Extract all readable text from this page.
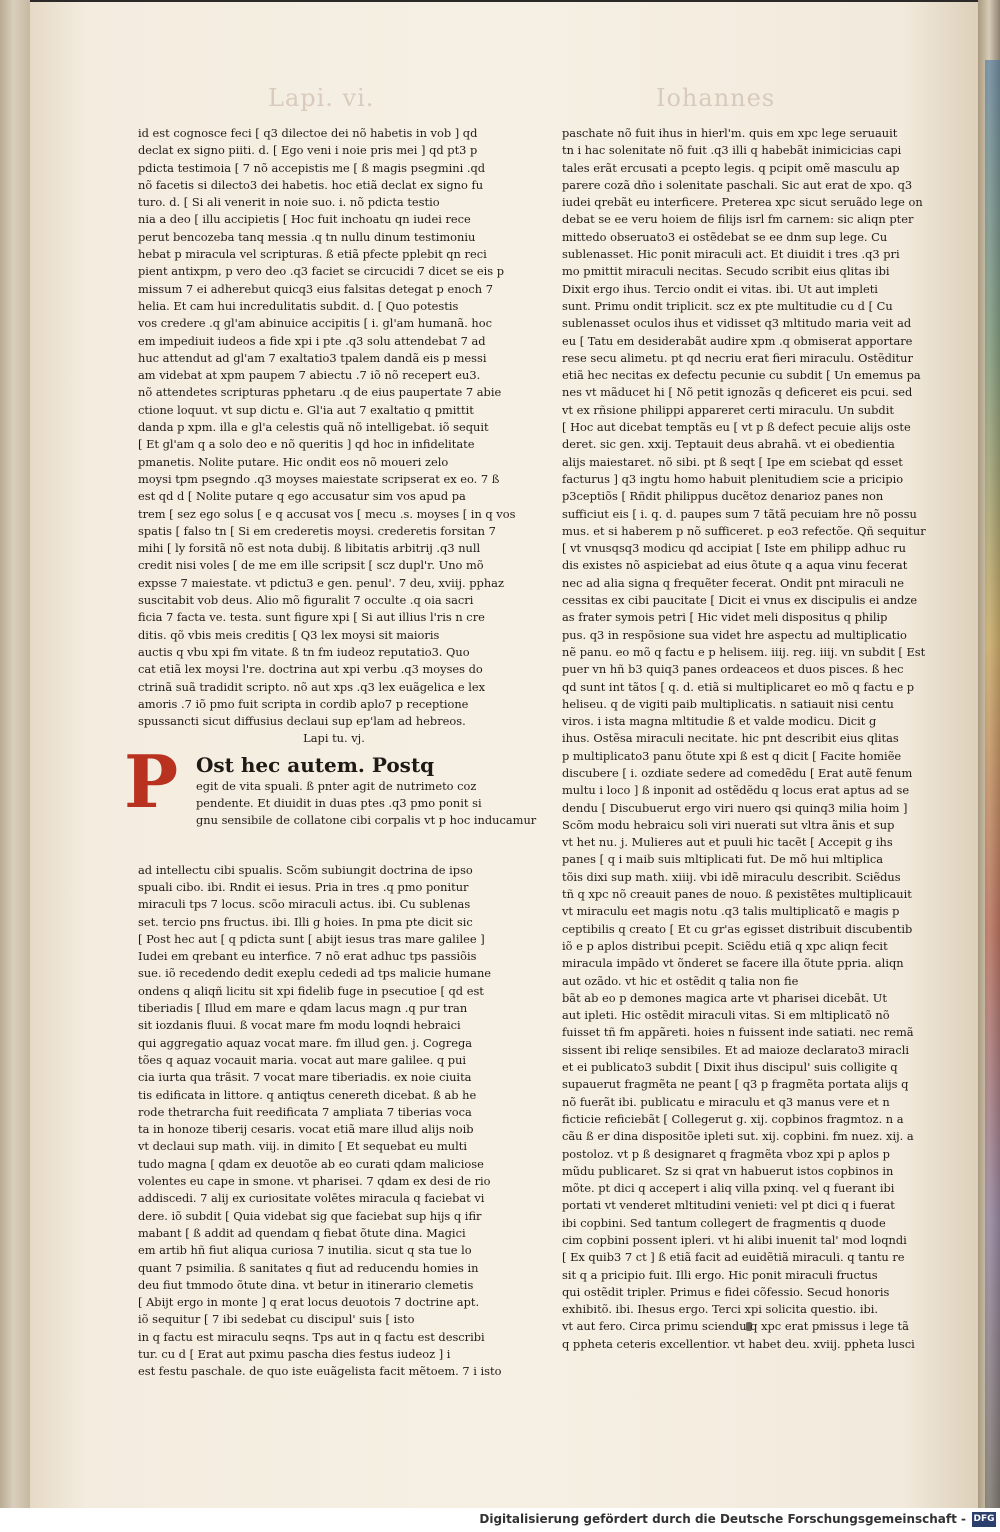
Lapi. vi.	Iohannes
id est cognosce feci [ q3 dilectoe dei nõ habetis in vob ] qd
declat ex signo piiti. d. [ Ego veni i noie pris mei ] qd pt3 p
pdicta testimoia [ 7 nõ accepistis me [ ß magis psegmini .qd
nõ facetis si dilecto3 dei habetis. hoc etiã declat ex signo fu
turo. d. [ Si ali venerit in noie suo. i. nõ pdicta testio
nia a deo [ illu accipietis [ Hoc fuit inchoatu qn iudei rece
perut bencozeba tanq messia .q tn nullu dinum testimoniu
hebat p miracula vel scripturas. ß etiã pfecte pplebit qn reci
pient antixpm, p vero deo .q3 faciet se circucidi 7 dicet se eis p
missum 7 ei adherebut quicq3 eius falsitas detegat p enoch 7
helia. Et cam hui incredulitatis subdit. d. [ Quo potestis
vos credere .q gl'am abinuice accipitis [ i. gl'am humanã. hoc
em impediuit iudeos a fide xpi i pte .q3 solu attendebat 7 ad
huc attendut ad gl'am 7 exaltatio3 tpalem dandã eis p messi
am videbat at xpm paupem 7 abiectu .7 iõ nõ recepert eu3.
nõ attendetes scripturas pphetaru .q de eius paupertate 7 abie
ctione loquut. vt sup dictu e. Gl'ia aut 7 exaltatio q pmittit
danda p xpm. illa e gl'a celestis quã nõ intelligebat. iõ sequit
[ Et gl'am q a solo deo e nõ queritis ] qd hoc in infidelitate
pmanetis. Nolite putare. Hic ondit eos nõ moueri zelo
moysi tpm psegndo .q3 moyses maiestate scripserat ex eo. 7 ß
est qd d [ Nolite putare q ego accusatur sim vos apud pa
trem [ sez ego solus [ e q accusat vos [ mecu .s. moyses [ in q vos
spatis [ falso tn [ Si em crederetis moysi. crederetis forsitan 7
mihi [ ly forsitã nõ est nota dubij. ß libitatis arbitrij .q3 null
credit nisi voles [ de me em ille scripsit [ scz dupl'r. Uno mõ
expsse 7 maiestate. vt pdictu3 e gen. penul'. 7 deu, xviij. pphaz
suscitabit vob deus. Alio mõ figuralit 7 occulte .q oia sacri
ficia 7 facta ve. testa. sunt figure xpi [ Si aut illius l'ris n cre
ditis. qõ vbis meis creditis [ Q3 lex moysi sit maioris
auctis q vbu xpi fm vitate. ß tn fm iudeoz reputatio3. Quo
cat etiã lex moysi l're. doctrina aut xpi verbu .q3 moyses do
ctrinã suã tradidit scripto. nõ aut xps .q3 lex euãgelica e lex
amoris .7 iõ pmo fuit scripta in cordib aplo7 p receptione
spussancti sicut diffusius declaui sup ep'lam ad hebreos.
Lapi tu. vj.
P Ost hec autem. Postq
egit de vita spuali. ß pnter agit de nutrimeto coz
pendente. Et diuidit in duas ptes .q3 pmo ponit si
gnu sensibile de collatone cibi corpalis vt p hoc inducamur
ad intellectu cibi spualis. Scõm subiungit doctrina de ipso
spuali cibo. ibi. Rndit ei iesus. Pria in tres .q pmo ponitur
miraculi tps 7 locus. scõo miraculi actus. ibi. Cu sublenas
set. tercio pns fructus. ibi. Illi g hoies. In pma pte dicit sic
[ Post hec aut [ q pdicta sunt [ abijt iesus tras mare galilee ]
Iudei em qrebant eu interfice. 7 nõ erat adhuc tps passiõis
sue. iõ recedendo dedit exeplu cededi ad tps malicie humane
ondens q aliqñ licitu sit xpi fidelib fuge in psecutioe [ qd est
tiberiadis [ Illud em mare e qdam lacus magn .q pur tran
sit iozdanis fluui. ß vocat mare fm modu loqndi hebraici
qui aggregatio aquaz vocat mare. fm illud gen. j. Cogrega
tões q aquaz vocauit maria. vocat aut mare galilee. q pui
cia iurta qua trãsit. 7 vocat mare tiberiadis. ex noie ciuita
tis edificata in littore. q antiqtus cenereth dicebat. ß ab he
rode thetrarcha fuit reedificata 7 ampliata 7 tiberias voca
ta in honoze tiberij cesaris. vocat etiã mare illud alijs noib
vt declaui sup math. viij. in dimito [ Et sequebat eu multi
tudo magna [ qdam ex deuotõe ab eo curati qdam maliciose
volentes eu cape in smone. vt pharisei. 7 qdam ex desi de rio
addiscedi. 7 alij ex curiositate volētes miracula q faciebat vi
dere. iõ subdit [ Quia videbat sig que faciebat sup hijs q ifir
mabant [ ß addit ad quendam q fiebat õtute dina. Magici
em artib hñ fiut aliqua curiosa 7 inutilia. sicut q sta tue lo
quant 7 psimilia. ß sanitates q fiut ad reducendu homies in
deu fiut tmmodo õtute dina. vt betur in itinerario clemetis
[ Abijt ergo in monte ] q erat locus deuotois 7 doctrine apt.
iõ sequitur [ 7 ibi sedebat cu discipul' suis [ isto
in q factu est miraculu seqns. Tps aut in q factu est describi
tur. cu d [ Erat aut pximu pascha dies festus iudeoz ] i
est festu paschale. de quo iste euãgelista facit mẽtoem. 7 i isto
paschate nõ fuit ihus in hierl'm. quis em xpc lege seruauit
tn i hac solenitate nõ fuit .q3 illi q habebãt inimicicias capi
tales erãt ercusati a pcepto legis. q pcipit omẽ masculu ap
parere cozã dño i solenitate paschali. Sic aut erat de xpo. q3
iudei qrebãt eu interficere. Preterea xpc sicut seruãdo lege on
debat se ee veru hoiem de filijs isrl fm carnem: sic aliqn pter
mittedo obseruato3 ei ostẽdebat se ee dnm sup lege. Cu
sublenasset. Hic ponit miraculi act. Et diuidit i tres .q3 pri
mo pmittit miraculi necitas. Secudo scribit eius qlitas ibi
Dixit ergo ihus. Tercio ondit ei vitas. ibi. Ut aut impleti
sunt. Primu ondit triplicit. scz ex pte multitudie cu d [ Cu
sublenasset oculos ihus et vidisset q3 mltitudo maria veit ad
eu [ Tatu em desiderabãt audire xpm .q obmiserat apportare
rese secu alimetu. pt qd necriu erat fieri miraculu. Ostẽditur
etiã hec necitas ex defectu pecunie cu subdit [ Un ememus pa
nes vt mãducet hi [ Nõ petit ignozãs q deficeret eis pcui. sed
vt ex rñsione philippi appareret certi miraculu. Un subdit
[ Hoc aut dicebat temptãs eu [ vt p ß defect pecuie alijs oste
deret. sic gen. xxij. Teptauit deus abrahã. vt ei obedientia
alijs maiestaret. nõ sibi. pt ß seqt [ Ipe em sciebat qd esset
facturus ] q3 ingtu homo habuit plenitudiem scie a pricipio
p3ceptiõs [ Rñdit philippus ducẽtoz denarioz panes non
sufficiut eis [ i. q. d. paupes sum 7 tãtã pecuiam hre nõ possu
mus. et si haberem p nõ sufficeret. p eo3 refectõe. Qñ sequitur
[ vt vnusqsq3 modicu qd accipiat [ Iste em philipp adhuc ru
dis existes nõ aspiciebat ad eius õtute q a aqua vinu fecerat
nec ad alia signa q frequẽter fecerat. Ondit pnt miraculi ne
cessitas ex cibi paucitate [ Dicit ei vnus ex discipulis ei andze
as frater symois petri [ Hic videt meli dispositus q philip
pus. q3 in respõsione sua videt hre aspectu ad multiplicatio
nẽ panu. eo mõ q factu e p helisem. iiij. reg. iiij. vn subdit [ Est
puer vn hñ b3 quiq3 panes ordeaceos et duos pisces. ß hec
qd sunt int tãtos [ q. d. etiã si multiplicaret eo mõ q factu e p
heliseu. q de vigiti paib multiplicatis. n satiauit nisi centu
viros. i ista magna mltitudie ß et valde modicu. Dicit g
ihus. Ostẽsa miraculi necitate. hic pnt describit eius qlitas
p multiplicato3 panu õtute xpi ß est q dicit [ Facite homiẽe
discubere [ i. ozdiate sedere ad comedẽdu [ Erat autẽ fenum
multu i loco ] ß inponit ad ostẽdẽdu q locus erat aptus ad se
dendu [ Discubuerut ergo viri nuero qsi quinq3 milia hoim ]
Scõm modu hebraicu soli viri nuerati sut vltra ãnis et sup
vt het nu. j. Mulieres aut et puuli hic tacẽt [ Accepit g ihs
panes [ q i maib suis mltiplicati fut. De mõ hui mltiplica
tõis dixi sup math. xiiij. vbi idẽ miraculu describit. Sciẽdus
tñ q xpc nõ creauit panes de nouo. ß pexistẽtes multiplicauit
vt miraculu eet magis notu .q3 talis multiplicatõ e magis p
ceptibilis q creato [ Et cu gr'as egisset distribuit discubentib
iõ e p aplos distribui pcepit. Sciẽdu etiã q xpc aliqn fecit
miracula impãdo vt õnderet se facere illa õtute ppria. aliqn
aut ozãdo. vt hic et ostẽdit q talia non fie
bãt ab eo p demones magica arte vt pharisei dicebãt. Ut
aut ipleti. Hic ostẽdit miraculi vitas. Si em mltiplicatõ nõ
fuisset tñ fm appãreti. hoies n fuissent inde satiati. nec remã
sissent ibi reliqe sensibiles. Et ad maioze declarato3 miracli
et ei publicato3 subdit [ Dixit ihus discipul' suis colligite q
supauerut fragmẽta ne peant [ q3 p fragmẽta portata alijs q
nõ fuerãt ibi. publicatu e miraculu et q3 manus vere et n
ficticie reficiebãt [ Collegerut g. xij. copbinos fragmtoz. n a
cãu ß er dina dispositõe ipleti sut. xij. copbini. fm nuez. xij. a
postoloz. vt p ß designaret q fragmẽta vboz xpi p aplos p
mũdu publicaret. Sz si qrat vn habuerut istos copbinos in
mõte. pt dici q accepert i aliq villa pxinq. vel q fuerant ibi
portati vt venderet mltitudini venieti: vel pt dici q i fuerat
ibi copbini. Sed tantum collegert de fragmentis q duode
cim copbini possent ipleri. vt hi alibi inuenit tal' mod loqndi
[ Ex quib3 7 ct ] ß etiã facit ad euidẽtiã miraculi. q tantu re
sit q a pricipio fuit. Illi ergo. Hic ponit miraculi fructus
qui ostẽdit tripler. Primus e fidei cõfessio. Secud honoris
exhibitõ. ibi. Ihesus ergo. Terci xpi solicita questio. ibi.
vt aut fero. Circa primu sciendu q xpc erat pmissus i lege tã
q ppheta ceteris excellentior. vt habet deu. xviij. ppheta lusci
Digitalisierung gefördert durch die Deutsche Forschungsgemeinschaft - DFG
